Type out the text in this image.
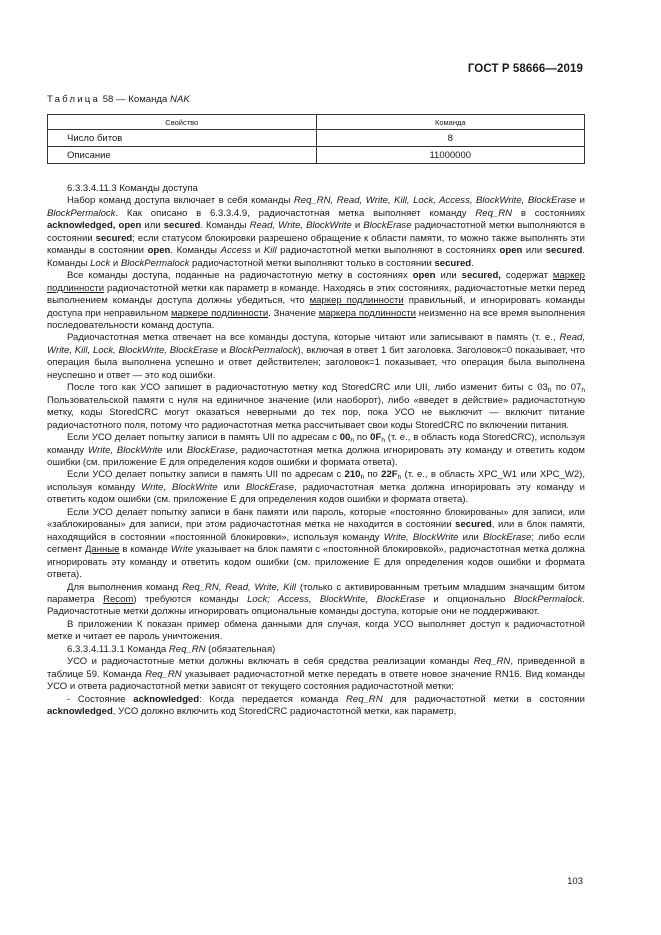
ГОСТ Р 58666—2019
Таблица 58 — Команда NAK
Свойство	Команда
Число битов	8
Описание	11000000

6.3.3.4.11.3 Команды доступа

Набор команд доступа включает в себя команды Req_RN, Read, Write, Kill, Lock, Access, BlockWrite, BlockErase и BlockPermalock. Как описано в 6.3.3.4.9, радиочастотная метка выполняет команду Req_RN в состояниях acknowledged, open или secured. Команды Read, Write, BlockWrite и BlockErase радиочастотной метки выполняются в состоянии secured; если статусом блокировки разрешено обращение к области памяти, то можно также выполнять эти команды в состоянии open. Команды Access и Kill радиочастотной метки выполняют в состояниях open или secured. Команды Lock и BlockPermalock радиочастотной метки выполняют только в состоянии secured.

Все команды доступа, поданные на радиочастотную метку в состояниях open или secured, содержат маркер подлинности радиочастотной метки как параметр в команде. Находясь в этих состояниях, радиочастотные метки перед выполнением команды доступа должны убедиться, что маркер подлинности правильный, и игнорировать команды доступа при неправильном маркере подлинности. Значение маркера подлинности неизменно на все время выполнения последовательности команд доступа.

Радиочастотная метка отвечает на все команды доступа, которые читают или записывают в память (т. е., Read, Write, Kill, Lock, BlockWrite, BlockErase и BlockPermalock), включая в ответ 1 бит заголовка. Заголовок=0 показывает, что операция была выполнена успешно и ответ действителен; заголовок=1 показывает, что операция была выполнена неуспешно и ответ — это код ошибки.

После того как УСО запишет в радиочастотную метку код StoredCRC или UII, либо изменит биты с $03_h$ по $07_h$ Пользовательской памяти с нуля на единичное значение (или наоборот), либо «введет в действие» радиочастотную метку, коды StoredCRC могут оказаться неверными до тех пор, пока УСО не выключит — включит питание радиочастотного поля, потому что радиочастотная метка рассчитывает свои коды StoredCRC по включении питания.

Если УСО делает попытку записи в память UII по адресам с $00_h$ по $0F_h$ (т. е., в область кода StoredCRC), используя команду Write, BlockWrite или BlockErase, радиочастотная метка должна игнорировать эту команду и ответить кодом ошибки (см. приложение Е для определения кодов ошибки и формата ответа).

Если УСО делает попытку записи в память UII по адресам с $210_h$ по $22F_h$ (т. е., в область XPC_W1 или XPC_W2), используя команду Write, BlockWrite или BlockErase, радиочастотная метка должна игнорировать эту команду и ответить кодом ошибки (см. приложение Е для определения кодов ошибки и формата ответа).

Если УСО делает попытку записи в банк памяти или пароль, которые «постоянно блокированы» для записи, или «заблокированы» для записи, при этом радиочастотная метка не находится в состоянии secured, или в блок памяти, находящийся в состоянии «постоянной блокировки», используя команду Write, BlockWrite или BlockErase; либо если сегмент Данные в команде Write указывает на блок памяти с «постоянной блокировкой», радиочастотная метка должна игнорировать эту команду и ответить кодом ошибки (см. приложение Е для определения кодов ошибки и формата ответа).

Для выполнения команд Req_RN, Read, Write, Kill (только с активированным третьим младшим значащим битом параметра Recom) требуются команды Lock; Access, BlockWrite, BlockErase и опционально BlockPermalock. Радиочастотные метки должны игнорировать опциональные команды доступа, которые они не поддерживают.

В приложении К показан пример обмена данными для случая, когда УСО выполняет доступ к радиочастотной метке и читает ее пароль уничтожения.

6.3.3.4.11.3.1 Команда Req_RN (обязательная)

УСО и радиочастотные метки должны включать в себя средства реализации команды Req_RN, приведенной в таблице 59. Команда Req_RN указывает радиочастотной метке передать в ответе новое значение RN16. Вид команды УСО и ответа радиочастотной метки зависят от текущего состояния радиочастотной метки:

- Состояние acknowledged: Когда передается команда Req_RN для радиочастотной метки в состоянии acknowledged, УСО должно включить код StoredCRC радиочастотной метки, как параметр,

103
